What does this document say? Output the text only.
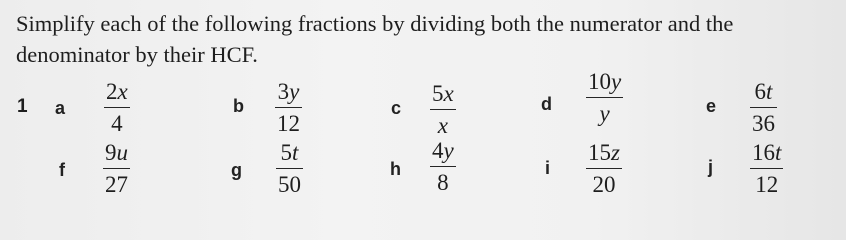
Simplify each of the following fractions by dividing both the numerator and the denominator by their HCF.

1 a
2x
4
b
3y
12
c
5x
x
d
10y
y	e
6t
36
f
9u
27
g
5t
50
h
4y
8
i
15z
20
j
16t
12
